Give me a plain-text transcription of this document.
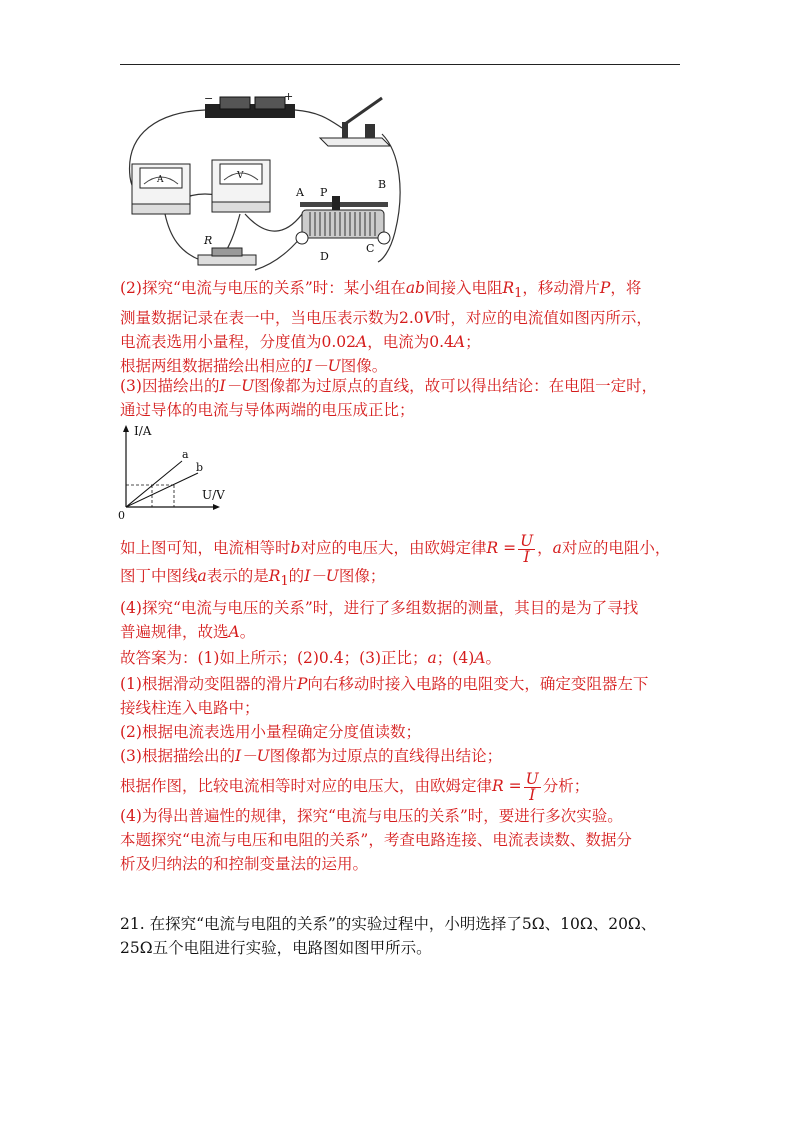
−	+
A	V
R
A P
B
C
D
(2)探究“电流与电压的关系”时：某小组在ab间接入电阻$R_1$，移动滑片P，将
测量数据记录在表一中，当电压表示数为2.0V时，对应的电流值如图丙所示，
电流表选用小量程，分度值为0.02A，电流为0.4A；
根据两组数据描绘出相应的I－U图像。
(3)因描绘出的I－U图像都为过原点的直线，故可以得出结论：在电阻一定时，
通过导体的电流与导体两端的电压成正比；
I/A
U/V
0
a
b
如上图可知，电流相等时b对应的电压大，由欧姆定律$R = \frac{U}{I}$ ，a对应的电阻小，
图丁中图线a表示的是$R_1$的I－U图像；
(4)探究“电流与电压的关系”时，进行了多组数据的测量，其目的是为了寻找
普遍规律，故选A。
故答案为：(1)如上所示；(2)0.4；(3)正比；a；(4)A。
(1)根据滑动变阻器的滑片P向右移动时接入电路的电阻变大，确定变阻器左下
接线柱连入电路中；
(2)根据电流表选用小量程确定分度值读数；
(3)根据描绘出的I－U图像都为过原点的直线得出结论；
根据作图，比较电流相等时对应的电压大，由欧姆定律$R = \frac{U}{I}$ 分析；
(4)为得出普遍性的规律，探究“电流与电压的关系”时，要进行多次实验。
本题探究“电流与电压和电阻的关系”，考查电路连接、电流表读数、数据分
析及归纳法的和控制变量法的运用。
21. 在探究“电流与电阻的关系”的实验过程中，小明选择了5Ω、10Ω、20Ω、
25Ω五个电阻进行实验，电路图如图甲所示。
